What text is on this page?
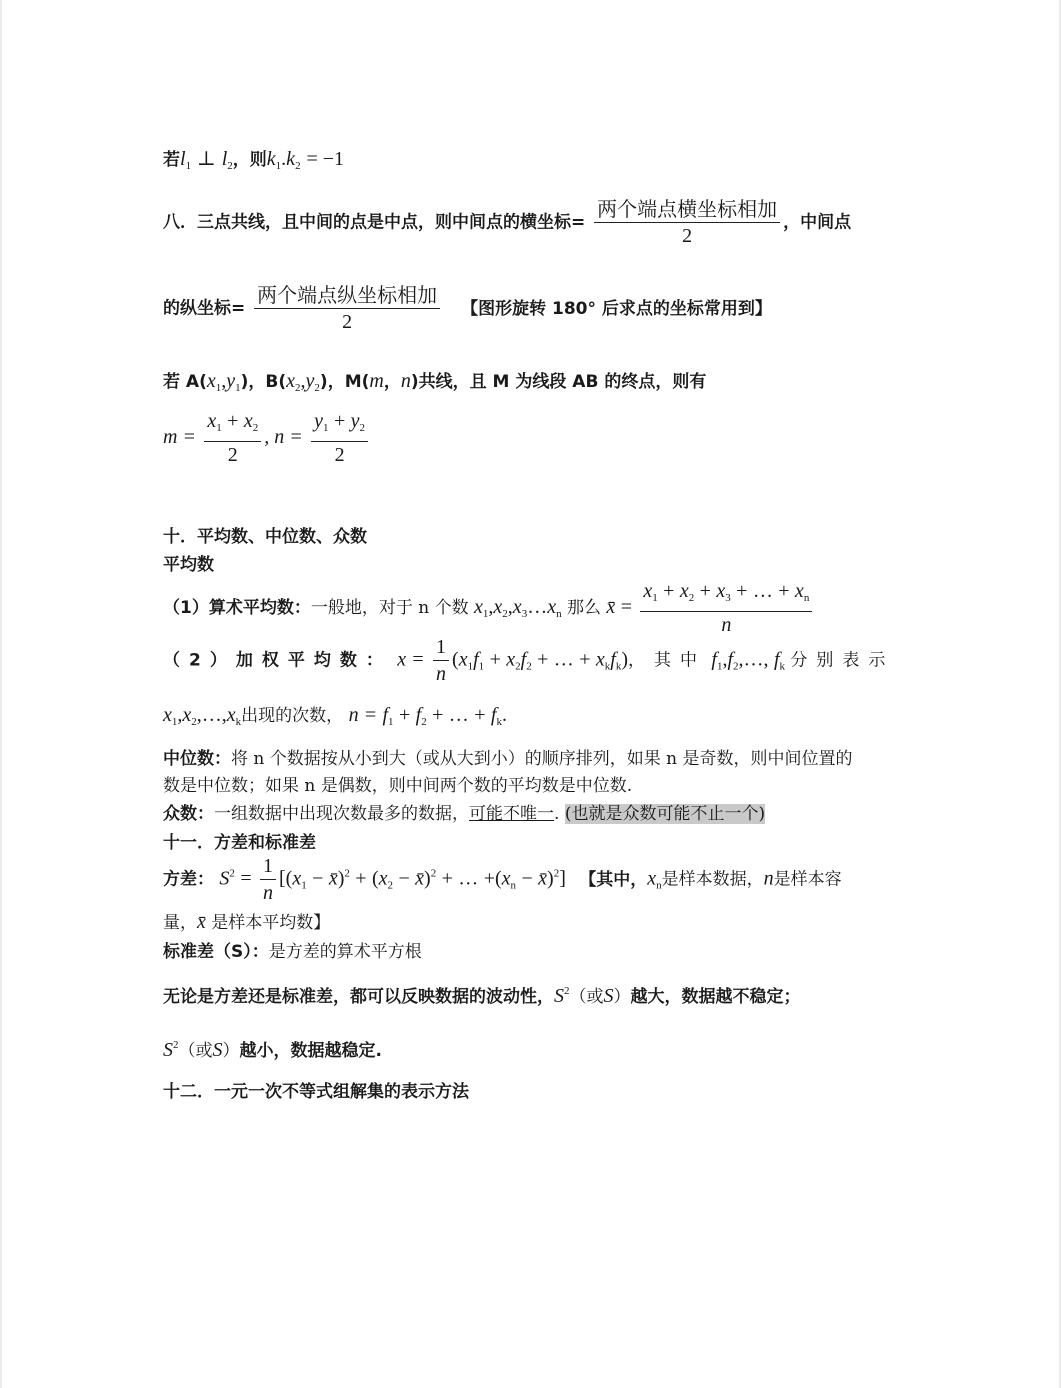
若$l_1$ ⊥ $l_2$，则$k_1.k_2 = -1$
八．三点共线，且中间的点是中点，则中间点的横坐标= $\frac{\text{两个端点横坐标相加}}{2}$ ，中间点
的纵坐标= $\frac{\text{两个端点纵坐标相加}}{2}$ 【图形旋转 180° 后求点的坐标常用到】
若 $A(x_1,y_1)$，$B(x_2,y_2)$，M(m，n)共线，且 M 为线段 AB 的终点，则有
$m = \frac{x_1 + x_2}{2}$ , $n = \frac{y_1 + y_2}{2}$
十．平均数、中位数、众数
平均数
（1）算术平均数：一般地，对于 n 个数 $x_1,x_2,x_3\dots x_n$ 那么 x̄ = $\frac{x_1 + x_2 + x_3 + \dots + x_n}{n}$
（2）加权平均数： $x = \frac{1}{n} (x_1f_1 + x_2f_2$ + … + $x_kf_k$)，其中 $f_1,f_2,\dots$, $f_k$ 分别表示
$x_1,x_2,\dots,x_k$出现的次数， $n = f_1 + f_2$ + … + $f_k$.
中位数：将 n 个数据按从小到大（或从大到小）的顺序排列，如果 n 是奇数，则中间位置的
数是中位数；如果 n 是偶数，则中间两个数的平均数是中位数.
众数：一组数据中出现次数最多的数据，可能不唯一. (也就是众数可能不止一个)
十一．方差和标准差
方差： $S^2 = \frac{1}{n} [(x_1$ − x̄)$^2$ + ($x_2$ − x̄)$^2$ + … $+(x_n$ − x̄)$^2$] 【其中，$x_n$是样本数据，n是样本容
量，x̄ 是样本平均数】
标准差（S）：是方差的算术平方根
无论是方差还是标准差，都可以反映数据的波动性，$S^2$（或S）越大，数据越不稳定；
$S^2$（或S）越小，数据越稳定.
十二．一元一次不等式组解集的表示方法
